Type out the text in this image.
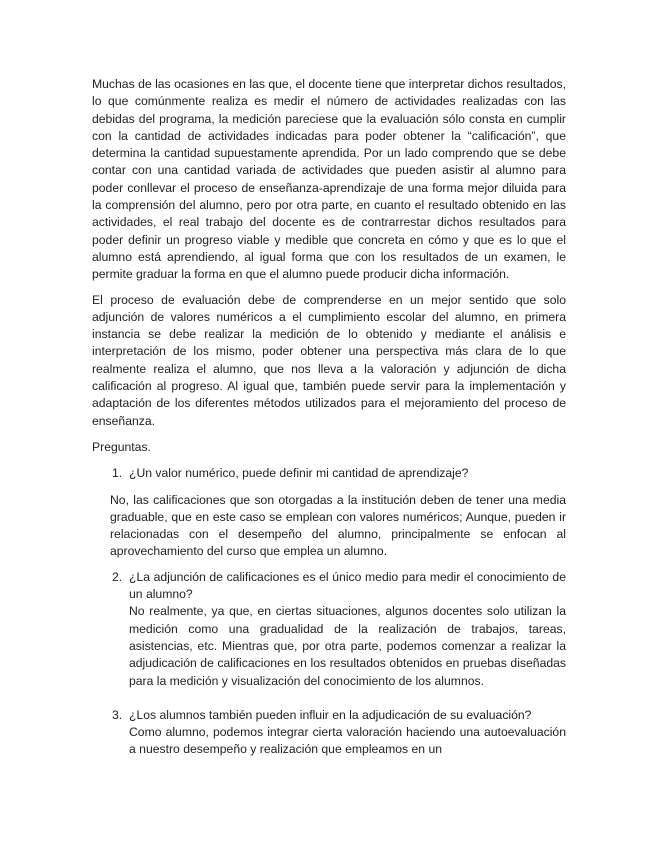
Muchas de las ocasiones en las que, el docente tiene que interpretar dichos resultados, lo que comúnmente realiza es medir el número de actividades realizadas con las debidas del programa, la medición pareciese que la evaluación sólo consta en cumplir con la cantidad de actividades indicadas para poder obtener la “calificación”, que determina la cantidad supuestamente aprendida. Por un lado comprendo que se debe contar con una cantidad variada de actividades que pueden asistir al alumno para poder conllevar el proceso de enseñanza-aprendizaje de una forma mejor diluida para la comprensión del alumno, pero por otra parte, en cuanto el resultado obtenido en las actividades, el real trabajo del docente es de contrarrestar dichos resultados para poder definir un progreso viable y medible que concreta en cómo y que es lo que el alumno está aprendiendo, al igual forma que con los resultados de un examen, le permite graduar la forma en que el alumno puede producir dicha información.

El proceso de evaluación debe de comprenderse en un mejor sentido que solo adjunción de valores numéricos a el cumplimiento escolar del alumno, en primera instancia se debe realizar la medición de lo obtenido y mediante el análisis e interpretación de los mismo, poder obtener una perspectiva más clara de lo que realmente realiza el alumno, que nos lleva a la valoración y adjunción de dicha calificación al progreso. Al igual que, también puede servir para la implementación y adaptación de los diferentes métodos utilizados para el mejoramiento del proceso de enseñanza.

Preguntas.

1. ¿Un valor numérico, puede definir mi cantidad de aprendizaje?

No, las calificaciones que son otorgadas a la institución deben de tener una media graduable, que en este caso se emplean con valores numéricos; Aunque, pueden ir relacionadas con el desempeño del alumno, principalmente se enfocan al aprovechamiento del curso que emplea un alumno.

2. ¿La adjunción de calificaciones es el único medio para medir el conocimiento de un alumno?

No realmente, ya que, en ciertas situaciones, algunos docentes solo utilizan la medición como una gradualidad de la realización de trabajos, tareas, asistencias, etc. Mientras que, por otra parte, podemos comenzar a realizar la adjudicación de calificaciones en los resultados obtenidos en pruebas diseñadas para la medición y visualización del conocimiento de los alumnos.

3. ¿Los alumnos también pueden influir en la adjudicación de su evaluación?

Como alumno, podemos integrar cierta valoración haciendo una autoevaluación a nuestro desempeño y realización que empleamos en un
